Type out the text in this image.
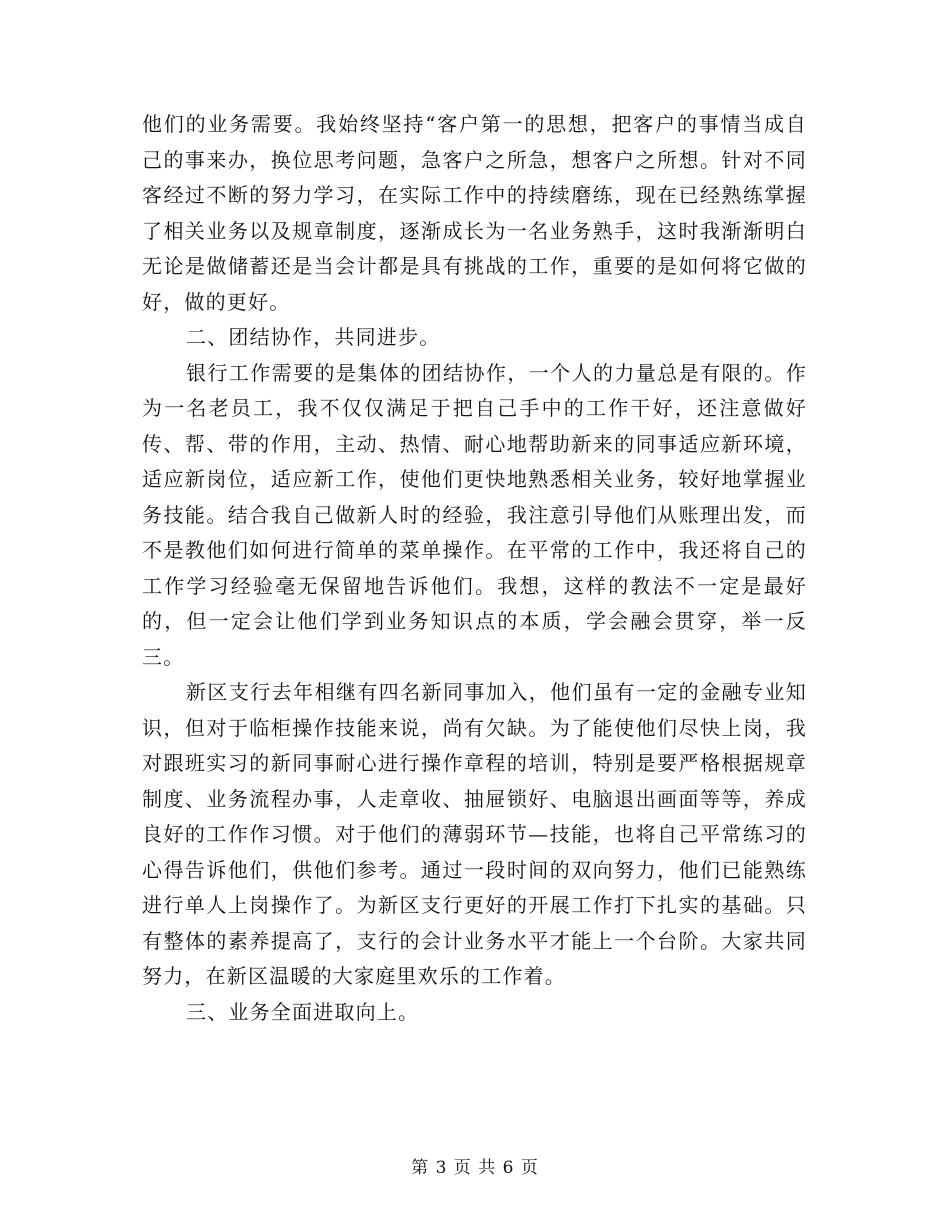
他们的业务需要。我始终坚持“客户第一的思想，把客户的事情当成自己的事来办，换位思考问题，急客户之所急，想客户之所想。针对不同客经过不断的努力学习，在实际工作中的持续磨练，现在已经熟练掌握了相关业务以及规章制度，逐渐成长为一名业务熟手，这时我渐渐明白无论是做储蓄还是当会计都是具有挑战的工作，重要的是如何将它做的好，做的更好。

二、团结协作，共同进步。

银行工作需要的是集体的团结协作，一个人的力量总是有限的。作为一名老员工，我不仅仅满足于把自己手中的工作干好，还注意做好传、帮、带的作用，主动、热情、耐心地帮助新来的同事适应新环境，适应新岗位，适应新工作，使他们更快地熟悉相关业务，较好地掌握业务技能。结合我自己做新人时的经验，我注意引导他们从账理出发，而不是教他们如何进行简单的菜单操作。在平常的工作中，我还将自己的工作学习经验毫无保留地告诉他们。我想，这样的教法不一定是最好的，但一定会让他们学到业务知识点的本质，学会融会贯穿，举一反三。

新区支行去年相继有四名新同事加入，他们虽有一定的金融专业知识，但对于临柜操作技能来说，尚有欠缺。为了能使他们尽快上岗，我对跟班实习的新同事耐心进行操作章程的培训，特别是要严格根据规章制度、业务流程办事，人走章收、抽屉锁好、电脑退出画面等等，养成良好的工作作习惯。对于他们的薄弱环节—技能，也将自己平常练习的心得告诉他们，供他们参考。通过一段时间的双向努力，他们已能熟练进行单人上岗操作了。为新区支行更好的开展工作打下扎实的基础。只有整体的素养提高了，支行的会计业务水平才能上一个台阶。大家共同努力，在新区温暖的大家庭里欢乐的工作着。

三、业务全面进取向上。

第 3 页 共 6 页
